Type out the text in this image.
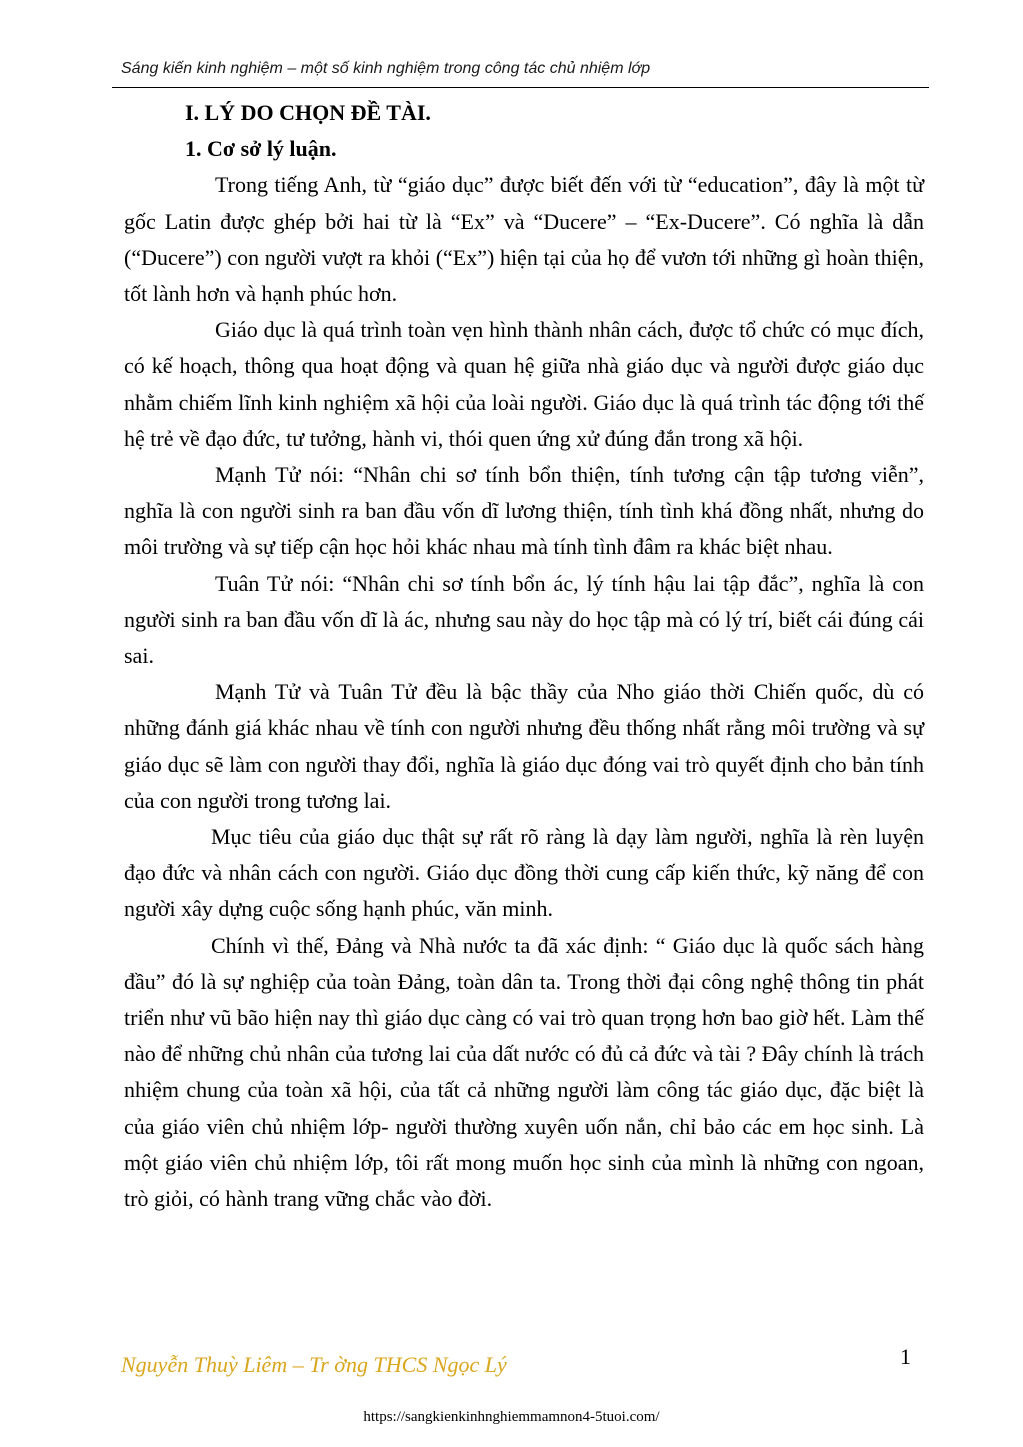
Sáng kiến kinh nghiệm – một số kinh nghiệm trong công tác chủ nhiệm lớp
I. LÝ DO CHỌN ĐỀ TÀI.
1. Cơ sở lý luận.

Trong tiếng Anh, từ “giáo dục” được biết đến với từ “education”, đây là một từ gốc Latin được ghép bởi hai từ là “Ex” và “Ducere” – “Ex-Ducere”. Có nghĩa là dẫn (“Ducere”) con người vượt ra khỏi (“Ex”) hiện tại của họ để vươn tới những gì hoàn thiện, tốt lành hơn và hạnh phúc hơn.

Giáo dục là quá trình toàn vẹn hình thành nhân cách, được tổ chức có mục đích, có kế hoạch, thông qua hoạt động và quan hệ giữa nhà giáo dục và người được giáo dục nhằm chiếm lĩnh kinh nghiệm xã hội của loài người. Giáo dục là quá trình tác động tới thế hệ trẻ về đạo đức, tư tưởng, hành vi, thói quen ứng xử đúng đắn trong xã hội.

Mạnh Tử nói: “Nhân chi sơ tính bổn thiện, tính tương cận tập tương viễn”, nghĩa là con người sinh ra ban đầu vốn dĩ lương thiện, tính tình khá đồng nhất, nhưng do môi trường và sự tiếp cận học hỏi khác nhau mà tính tình đâm ra khác biệt nhau.

Tuân Tử nói: “Nhân chi sơ tính bổn ác, lý tính hậu lai tập đắc”, nghĩa là con người sinh ra ban đầu vốn dĩ là ác, nhưng sau này do học tập mà có lý trí, biết cái đúng cái sai.

Mạnh Tử và Tuân Tử đều là bậc thầy của Nho giáo thời Chiến quốc, dù có những đánh giá khác nhau về tính con người nhưng đều thống nhất rằng môi trường và sự giáo dục sẽ làm con người thay đổi, nghĩa là giáo dục đóng vai trò quyết định cho bản tính của con người trong tương lai.

Mục tiêu của giáo dục thật sự rất rõ ràng là dạy làm người, nghĩa là rèn luyện đạo đức và nhân cách con người. Giáo dục đồng thời cung cấp kiến thức, kỹ năng để con người xây dựng cuộc sống hạnh phúc, văn minh.

Chính vì thế, Đảng và Nhà nước ta đã xác định: “ Giáo dục là quốc sách hàng đầu” đó là sự nghiệp của toàn Đảng, toàn dân ta. Trong thời đại công nghệ thông tin phát triển như vũ bão hiện nay thì giáo dục càng có vai trò quan trọng hơn bao giờ hết. Làm thế nào để những chủ nhân của tương lai của dất nước có đủ cả đức và tài ? Đây chính là trách nhiệm chung của toàn xã hội, của tất cả những người làm công tác giáo dục, đặc biệt là của giáo viên chủ nhiệm lớp- người thường xuyên uốn nắn, chỉ bảo các em học sinh. Là một giáo viên chủ nhiệm lớp, tôi rất mong muốn học sinh của mình là những con ngoan, trò giỏi, có hành trang vững chắc vào đời.

Nguyễn Thuỳ Liêm – Tr ờng THCS Ngọc Lý	1
https://sangkienkinhnghiemmamnon4-5tuoi.com/
